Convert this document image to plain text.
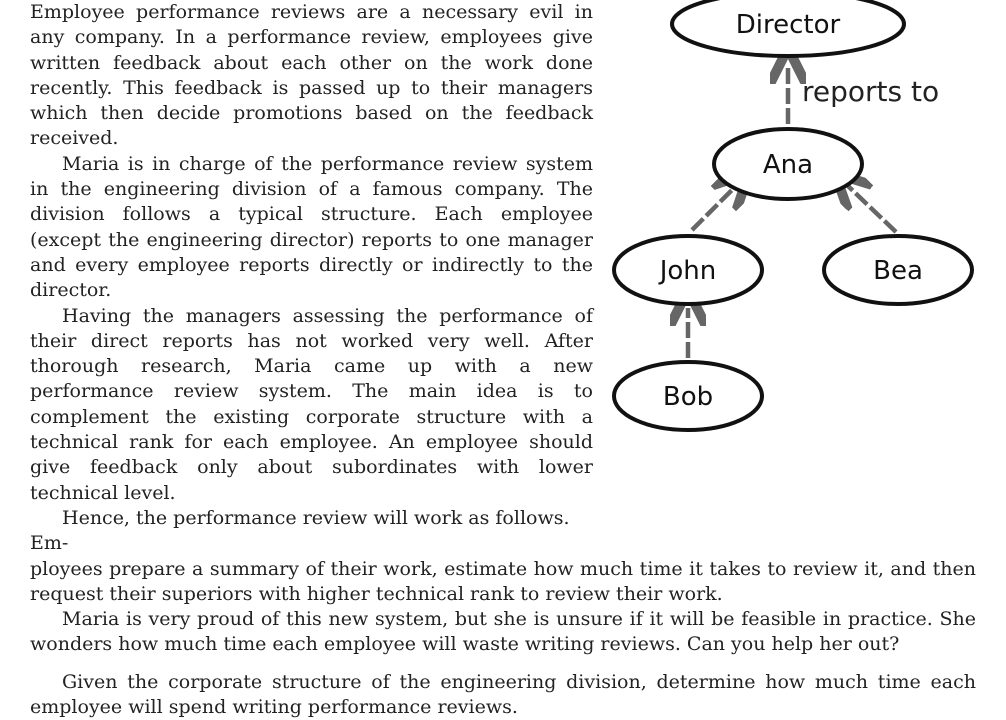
Employee performance reviews are a necessary evil in any company. In a performance review, employees give written feedback about each other on the work done recently. This feedback is passed up to their managers which then decide promotions based on the feedback received.

Maria is in charge of the performance review system in the engineering division of a famous company. The division follows a typical structure. Each employee (except the engineering director) reports to one manager and every employee reports directly or indirectly to the director.

Having the managers assessing the performance of their direct reports has not worked very well. After thorough research, Maria came up with a new performance review system. The main idea is to complement the existing corporate structure with a technical rank for each employee. An employee should give feedback only about subordinates with lower technical level.

Hence, the performance review will work as follows. Em-

ployees prepare a summary of their work, estimate how much time it takes to review it, and then request their superiors with higher technical rank to review their work.

Maria is very proud of this new system, but she is unsure if it will be feasible in practice. She wonders how much time each employee will waste writing reviews. Can you help her out?

Given the corporate structure of the engineering division, determine how much time each employee will spend writing performance reviews.

Director
Ana
John	Bea
Bob
reports to
